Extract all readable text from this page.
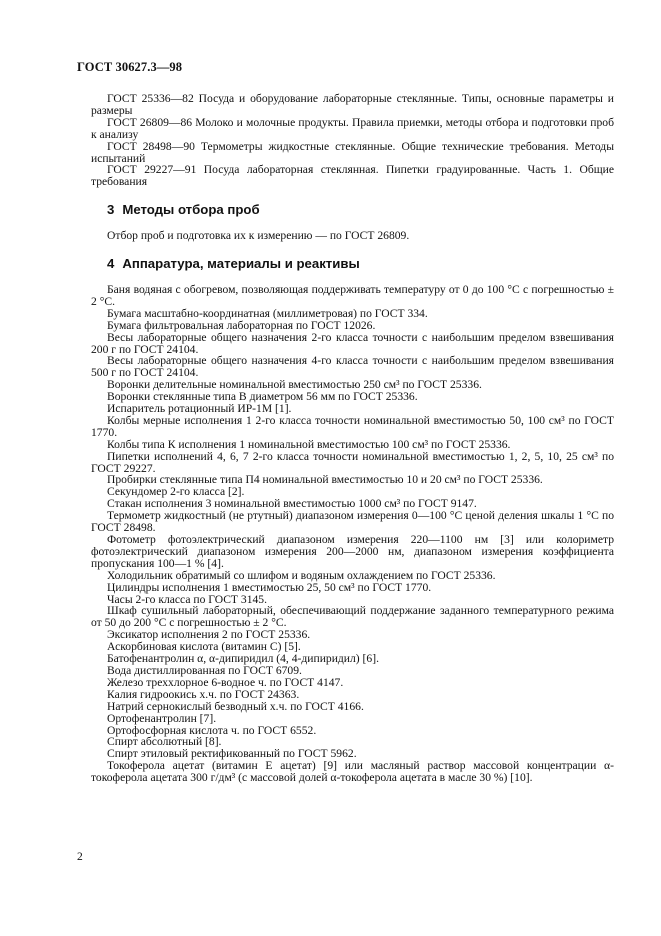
ГОСТ 30627.3—98

ГОСТ 25336—82 Посуда и оборудование лабораторные стеклянные. Типы, основные параметры и размеры

ГОСТ 26809—86 Молоко и молочные продукты. Правила приемки, методы отбора и подготовки проб к анализу

ГОСТ 28498—90 Термометры жидкостные стеклянные. Общие технические требования. Методы испытаний

ГОСТ 29227—91 Посуда лабораторная стеклянная. Пипетки градуированные. Часть 1. Общие требования

3 Методы отбора проб

Отбор проб и подготовка их к измерению — по ГОСТ 26809.

4 Аппаратура, материалы и реактивы

Баня водяная с обогревом, позволяющая поддерживать температуру от 0 до 100 °С с погрешностью ± 2 °С.

Бумага масштабно-координатная (миллиметровая) по ГОСТ 334.

Бумага фильтровальная лабораторная по ГОСТ 12026.

Весы лабораторные общего назначения 2-го класса точности с наибольшим пределом взвешивания 200 г по ГОСТ 24104.

Весы лабораторные общего назначения 4-го класса точности с наибольшим пределом взвешивания 500 г по ГОСТ 24104.

Воронки делительные номинальной вместимостью 250 см³ по ГОСТ 25336.

Воронки стеклянные типа В диаметром 56 мм по ГОСТ 25336.

Испаритель ротационный ИР-1М [1].

Колбы мерные исполнения 1 2-го класса точности номинальной вместимостью 50, 100 см³ по ГОСТ 1770.

Колбы типа К исполнения 1 номинальной вместимостью 100 см³ по ГОСТ 25336.

Пипетки исполнений 4, 6, 7 2-го класса точности номинальной вместимостью 1, 2, 5, 10, 25 см³ по ГОСТ 29227.

Пробирки стеклянные типа П4 номинальной вместимостью 10 и 20 см³ по ГОСТ 25336.

Секундомер 2-го класса [2].

Стакан исполнения 3 номинальной вместимостью 1000 см³ по ГОСТ 9147.

Термометр жидкостный (не ртутный) диапазоном измерения 0—100 °С ценой деления шкалы 1 °С по ГОСТ 28498.

Фотометр фотоэлектрический диапазоном измерения 220—1100 нм [3] или колориметр фотоэлектрический диапазоном измерения 200—2000 нм, диапазоном измерения коэффициента пропускания 100—1 % [4].

Холодильник обратимый со шлифом и водяным охлаждением по ГОСТ 25336.

Цилиндры исполнения 1 вместимостью 25, 50 см³ по ГОСТ 1770.

Часы 2-го класса по ГОСТ 3145.

Шкаф сушильный лабораторный, обеспечивающий поддержание заданного температурного режима от 50 до 200 °С с погрешностью ± 2 °С.

Эксикатор исполнения 2 по ГОСТ 25336.

Аскорбиновая кислота (витамин С) [5].

Батофенантролин α, α-дипиридил (4, 4-дипиридил) [6].

Вода дистиллированная по ГОСТ 6709.

Железо треххлорное 6-водное ч. по ГОСТ 4147.

Калия гидроокись х.ч. по ГОСТ 24363.

Натрий сернокислый безводный х.ч. по ГОСТ 4166.

Ортофенантролин [7].

Ортофосфорная кислота ч. по ГОСТ 6552.

Спирт абсолютный [8].

Спирт этиловый ректификованный по ГОСТ 5962.

Токоферола ацетат (витамин Е ацетат) [9] или масляный раствор массовой концентрации α-токоферола ацетата 300 г/дм³ (с массовой долей α-токоферола ацетата в масле 30 %) [10].

2
